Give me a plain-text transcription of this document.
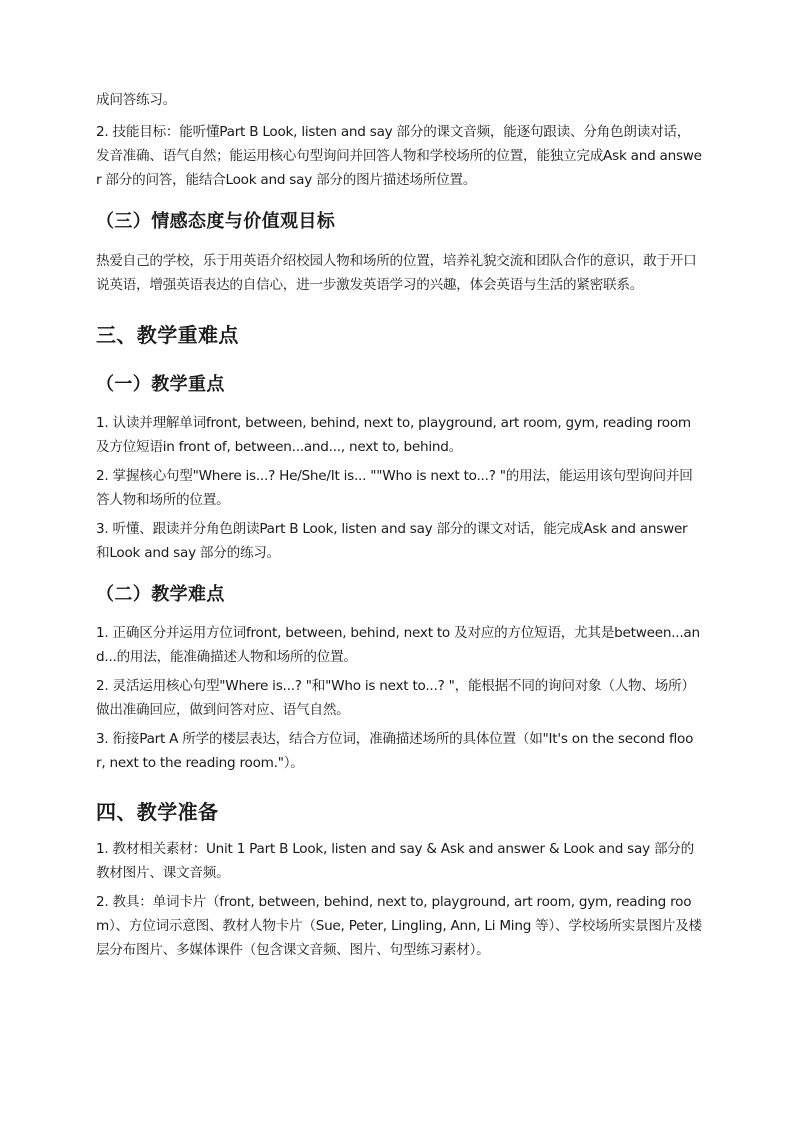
成问答练习。

2. 技能目标：能听懂Part B Look, listen and say 部分的课文音频，能逐句跟读、分角色朗读对话，发音准确、语气自然；能运用核心句型询问并回答人物和学校场所的位置，能独立完成Ask and answer 部分的问答，能结合Look and say 部分的图片描述场所位置。

（三）情感态度与价值观目标

热爱自己的学校，乐于用英语介绍校园人物和场所的位置，培养礼貌交流和团队合作的意识，敢于开口说英语，增强英语表达的自信心，进一步激发英语学习的兴趣，体会英语与生活的紧密联系。

三、教学重难点
（一）教学重点

1. 认读并理解单词front, between, behind, next to, playground, art room, gym, reading room及方位短语in front of, between...and..., next to, behind。

2. 掌握核心句型"Where is...? He/She/It is... ""Who is next to...? "的用法，能运用该句型询问并回答人物和场所的位置。

3. 听懂、跟读并分角色朗读Part B Look, listen and say 部分的课文对话，能完成Ask and answer 和Look and say 部分的练习。

（二）教学难点

1. 正确区分并运用方位词front, between, behind, next to 及对应的方位短语，尤其是between...and...的用法，能准确描述人物和场所的位置。

2. 灵活运用核心句型"Where is...? "和"Who is next to...? "，能根据不同的询问对象（人物、场所）做出准确回应，做到问答对应、语气自然。

3. 衔接Part A 所学的楼层表达，结合方位词，准确描述场所的具体位置（如"It's on the second floor, next to the reading room."）。

四、教学准备

1. 教材相关素材：Unit 1 Part B Look, listen and say & Ask and answer & Look and say 部分的教材图片、课文音频。

2. 教具：单词卡片（front, between, behind, next to, playground, art room, gym, reading room）、方位词示意图、教材人物卡片（Sue, Peter, Lingling, Ann, Li Ming 等）、学校场所实景图片及楼层分布图片、多媒体课件（包含课文音频、图片、句型练习素材）。
